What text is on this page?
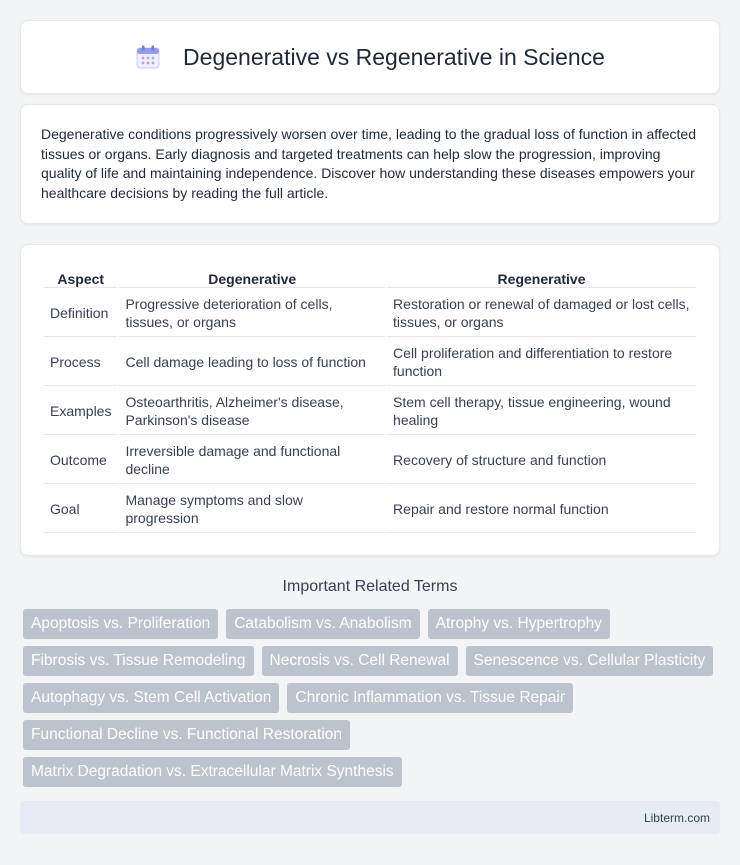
Degenerative vs Regenerative in Science

Degenerative conditions progressively worsen over time, leading to the gradual loss of function in affected tissues or organs. Early diagnosis and targeted treatments can help slow the progression, improving quality of life and maintaining independence. Discover how understanding these diseases empowers your healthcare decisions by reading the full article.

Aspect	Degenerative	Regenerative
Definition	Progressive deterioration of cells, tissues, or organs	Restoration or renewal of damaged or lost cells, tissues, or organs
Process	Cell damage leading to loss of function	Cell proliferation and differentiation to restore function
Examples	Osteoarthritis, Alzheimer's disease, Parkinson's disease	Stem cell therapy, tissue engineering, wound healing
Outcome	Irreversible damage and functional decline	Recovery of structure and function
Goal	Manage symptoms and slow progression	Repair and restore normal function
Important Related Terms
Apoptosis vs. Proliferation	Catabolism vs. Anabolism	Atrophy vs. Hypertrophy
Fibrosis vs. Tissue Remodeling	Necrosis vs. Cell Renewal	Senescence vs. Cellular Plasticity
Autophagy vs. Stem Cell Activation	Chronic Inflammation vs. Tissue Repair
Functional Decline vs. Functional Restoration
Matrix Degradation vs. Extracellular Matrix Synthesis
Libterm.com
